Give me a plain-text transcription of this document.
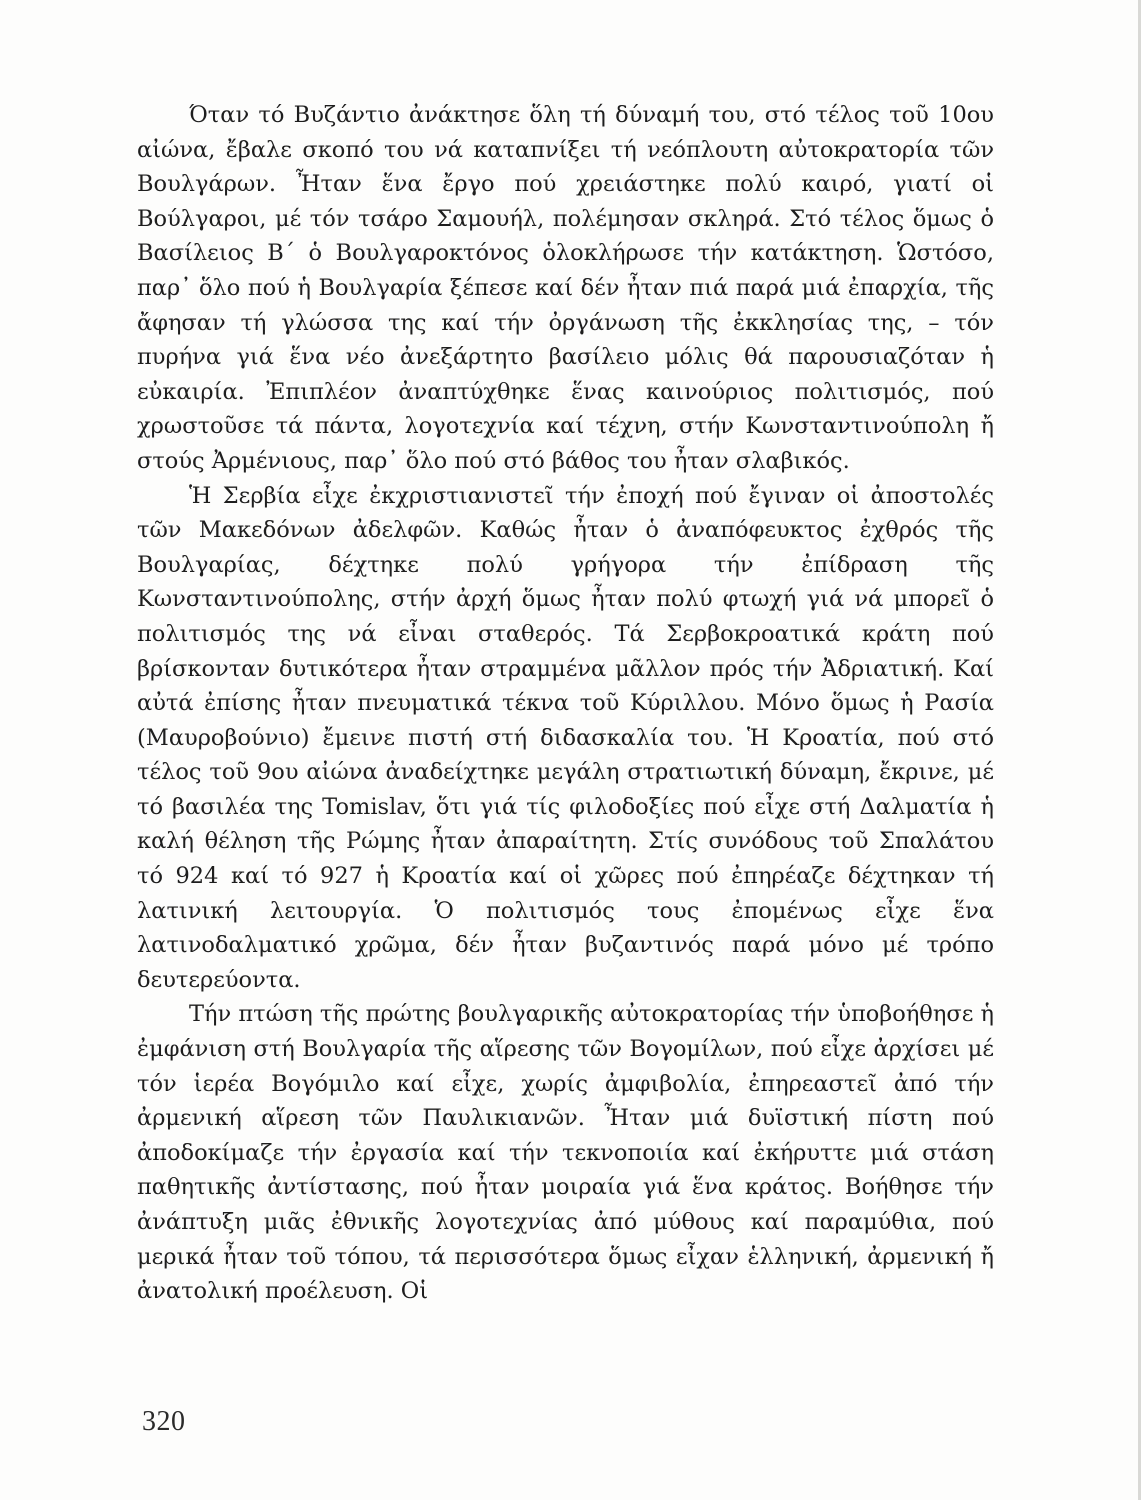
Όταν τό Βυζάντιο ἀνάκτησε ὅλη τή δύναμή του, στό τέλος τοῦ 10ου αἰώνα, ἔβαλε σκοπό του νά καταπνίξει τή νεόπλουτη αὐτοκρατορία τῶν Βουλγάρων. Ἦταν ἕνα ἔργο πού χρειάστηκε πολύ καιρό, γιατί οἱ Βούλγαροι, μέ τόν τσάρο Σαμουήλ, πολέμησαν σκληρά. Στό τέλος ὅμως ὁ Βασίλειος Β΄ ὁ Βουλγαροκτόνος ὁλοκλήρωσε τήν κατάκτηση. Ὡστόσο, παρ᾿ ὅλο πού ἡ Βουλγαρία ξέπεσε καί δέν ἦταν πιά παρά μιά ἐπαρχία, τῆς ἄφησαν τή γλώσσα της καί τήν ὀργάνωση τῆς ἐκκλησίας της, – τόν πυρήνα γιά ἕνα νέο ἀνεξάρτητο βασίλειο μόλις θά παρουσιαζόταν ἡ εὐκαιρία. Ἐπιπλέον ἀναπτύχθηκε ἕνας καινούριος πολιτισμός, πού χρωστοῦσε τά πάντα, λογοτεχνία καί τέχνη, στήν Κωνσταντινούπολη ἤ στούς Ἀρμένιους, παρ᾿ ὅλο πού στό βάθος του ἦταν σλαβικός.

Ἡ Σερβία εἶχε ἐκχριστιανιστεῖ τήν ἐποχή πού ἔγιναν οἱ ἀποστολές τῶν Μακεδόνων ἀδελφῶν. Καθώς ἦταν ὁ ἀναπόφευκτος ἐχθρός τῆς Βουλγαρίας, δέχτηκε πολύ γρήγορα τήν ἐπίδραση τῆς Κωνσταντινούπολης, στήν ἀρχή ὅμως ἦταν πολύ φτωχή γιά νά μπορεῖ ὁ πολιτισμός της νά εἶναι σταθερός. Τά Σερβοκροατικά κράτη πού βρίσκονταν δυτικότερα ἦταν στραμμένα μᾶλλον πρός τήν Ἀδριατική. Καί αὐτά ἐπίσης ἦταν πνευματικά τέκνα τοῦ Κύριλλου. Μόνο ὅμως ἡ Ρασία (Μαυροβούνιο) ἔμεινε πιστή στή διδασκαλία του. Ἡ Κροατία, πού στό τέλος τοῦ 9ου αἰώνα ἀναδείχτηκε μεγάλη στρατιωτική δύναμη, ἔκρινε, μέ τό βασιλέα της Tomislav, ὅτι γιά τίς φιλοδοξίες πού εἶχε στή Δαλματία ἡ καλή θέληση τῆς Ρώμης ἦταν ἀπαραίτητη. Στίς συνόδους τοῦ Σπαλάτου τό 924 καί τό 927 ἡ Κροατία καί οἱ χῶρες πού ἐπηρέαζε δέχτηκαν τή λατινική λειτουργία. Ὁ πολιτισμός τους ἐπομένως εἶχε ἕνα λατινοδαλματικό χρῶμα, δέν ἦταν βυζαντινός παρά μόνο μέ τρόπο δευτερεύοντα.

Τήν πτώση τῆς πρώτης βουλγαρικῆς αὐτοκρατορίας τήν ὑποβοήθησε ἡ ἐμφάνιση στή Βουλγαρία τῆς αἵρεσης τῶν Βογομίλων, πού εἶχε ἀρχίσει μέ τόν ἱερέα Βογόμιλο καί εἶχε, χωρίς ἀμφιβολία, ἐπηρεαστεῖ ἀπό τήν ἀρμενική αἵρεση τῶν Παυλικιανῶν. Ἦταν μιά δυϊστική πίστη πού ἀποδοκίμαζε τήν ἐργασία καί τήν τεκνοποιία καί ἐκήρυττε μιά στάση παθητικῆς ἀντίστασης, πού ἦταν μοιραία γιά ἕνα κράτος. Βοήθησε τήν ἀνάπτυξη μιᾶς ἐθνικῆς λογοτεχνίας ἀπό μύθους καί παραμύθια, πού μερικά ἦταν τοῦ τόπου, τά περισσότερα ὅμως εἶχαν ἑλληνική, ἀρμενική ἤ ἀνατολική προέλευση. Οἱ

320
